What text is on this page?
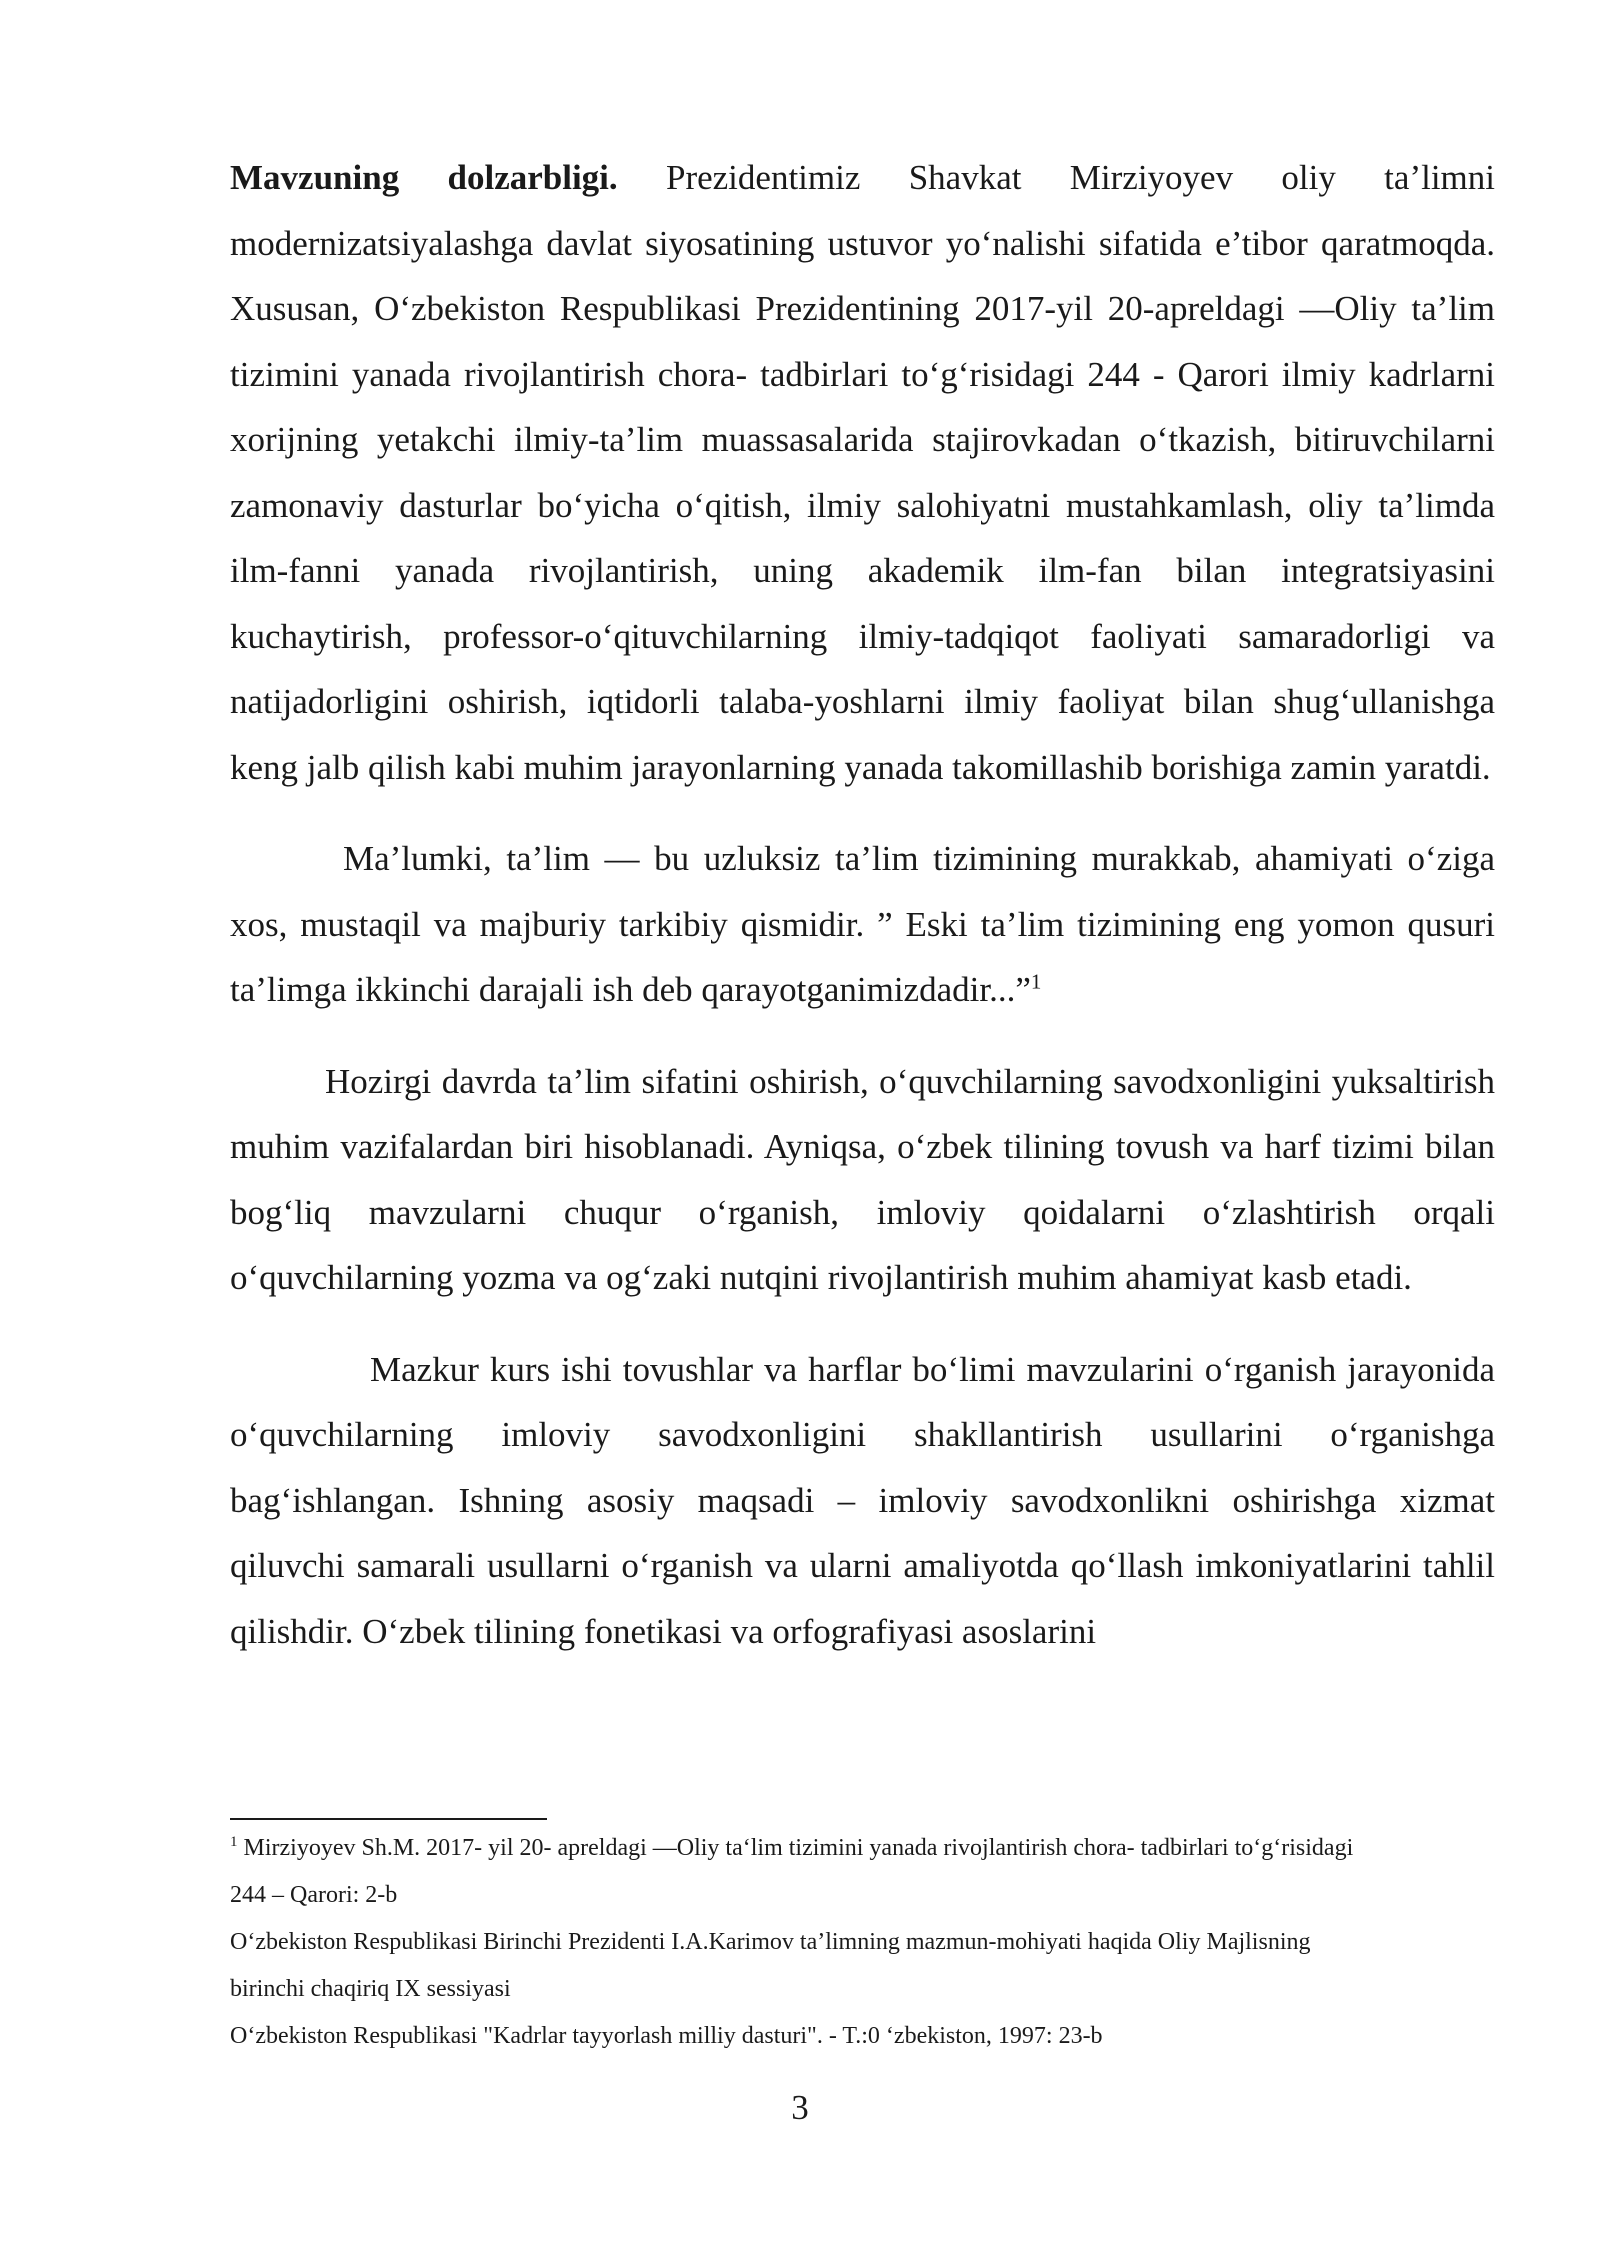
Mavzuning dolzarbligi. Prezidentimiz Shavkat Mirziyoyev oliy ta’limni modernizatsiyalashga davlat siyosatining ustuvor yo‘nalishi sifatida e’tibor qaratmoqda. Xususan, O‘zbekiston Respublikasi Prezidentining 2017-yil 20-apreldagi —Oliy ta’lim tizimini yanada rivojlantirish chora- tadbirlari to‘g‘risidagi 244 - Qarori ilmiy kadrlarni xorijning yetakchi ilmiy-ta’lim muassasalarida stajirovkadan o‘tkazish, bitiruvchilarni zamonaviy dasturlar bo‘yicha o‘qitish, ilmiy salohiyatni mustahkamlash, oliy ta’limda ilm-fanni yanada rivojlantirish, uning akademik ilm-fan bilan integratsiyasini kuchaytirish, professor-o‘qituvchilarning ilmiy-tadqiqot faoliyati samaradorligi va natijadorligini oshirish, iqtidorli talaba-yoshlarni ilmiy faoliyat bilan shug‘ullanishga keng jalb qilish kabi muhim jarayonlarning yanada takomillashib borishiga zamin yaratdi.

Ma’lumki, ta’lim — bu uzluksiz ta’lim tizimining murakkab, ahamiyati o‘ziga xos, mustaqil va majburiy tarkibiy qismidir. ” Eski ta’lim tizimining eng yomon qusuri ta’limga ikkinchi darajali ish deb qarayotganimizdadir...”$^1$

Hozirgi davrda ta’lim sifatini oshirish, o‘quvchilarning savodxonligini yuksaltirish muhim vazifalardan biri hisoblanadi. Ayniqsa, o‘zbek tilining tovush va harf tizimi bilan bog‘liq mavzularni chuqur o‘rganish, imloviy qoidalarni o‘zlashtirish orqali o‘quvchilarning yozma va og‘zaki nutqini rivojlantirish muhim ahamiyat kasb etadi.

Mazkur kurs ishi tovushlar va harflar bo‘limi mavzularini o‘rganish jarayonida o‘quvchilarning imloviy savodxonligini shakllantirish usullarini o‘rganishga bag‘ishlangan. Ishning asosiy maqsadi – imloviy savodxonlikni oshirishga xizmat qiluvchi samarali usullarni o‘rganish va ularni amaliyotda qo‘llash imkoniyatlarini tahlil qilishdir. O‘zbek tilining fonetikasi va orfografiyasi asoslarini

$^1$ Mirziyoyev Sh.M. 2017- yil 20- apreldagi —Oliy ta‘lim tizimini yanada rivojlantirish chora- tadbirlari to‘g‘risidagi 244 – Qarori: 2-b

O‘zbekiston Respublikasi Birinchi Prezidenti I.A.Karimov ta’limning mazmun-mohiyati haqida Oliy Majlisning birinchi chaqiriq IX sessiyasi

O‘zbekiston Respublikasi "Kadrlar tayyorlash milliy dasturi". - T.:0 ‘zbekiston, 1997: 23-b

3
